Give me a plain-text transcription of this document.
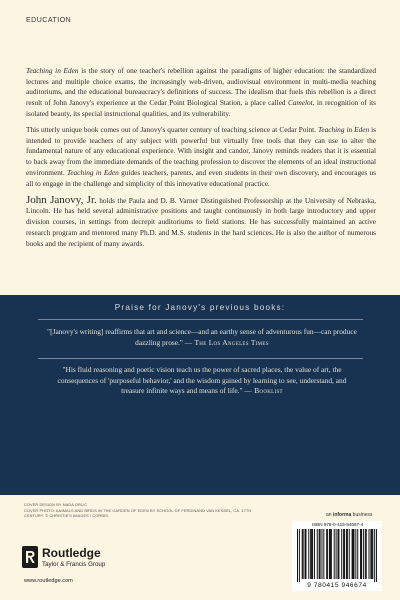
EDUCATION

Teaching in Eden is the story of one teacher's rebellion against the paradigms of higher education: the standardized lectures and multiple choice exams, the increasingly web-driven, audiovisual environment in multi-media teaching auditoriums, and the educational bureaucracy's definitions of success. The idealism that fuels this rebellion is a direct result of John Janovy's experience at the Cedar Point Biological Station, a place called Camelot, in recognition of its isolated beauty, its special instructional qualities, and its vulnerability.

This utterly unique book comes out of Janovy's quarter century of teaching science at Cedar Point. Teaching in Eden is intended to provide teachers of any subject with powerful but virtually free tools that they can use to alter the fundamental nature of any educational experience. With insight and candor, Janovy reminds readers that it is essential to back away from the immediate demands of the teaching profession to discover the elements of an ideal instructional environment. Teaching in Eden guides teachers, parents, and even students in their own discovery, and encourages us all to engage in the challenge and simplicity of this innovative educational practice.

John Janovy, Jr. holds the Paula and D. B. Varner Distinguished Professorship at the University of Nebraska, Lincoln. He has held several administrative positions and taught continuously in both large introductory and upper division courses, in settings from decrepit auditoriums to field stations. He has successfully maintained an active research program and mentored many Ph.D. and M.S. students in the hard sciences. He is also the author of numerous books and the recipient of many awards.

Praise for Janovy's previous books:
"[Janovy's writing] reaffirms that art and science—and an earthy sense of adventurous fun—can produce dazzling prose." — The Los Angeles Times
"His fluid reasoning and poetic vision teach us the power of sacred places, the value of art, the consequences of 'purposeful behavior,' and the wisdom gained by learning to see, understand, and treasure infinite ways and means of life." — Booklist
COVER DESIGN BY NADA ORLIC
COVER PHOTO: ANIMALS AND BIRDS IN THE GARDEN OF EDEN BY SCHOOL OF FERDINAND VAN KESSEL, CA. 17TH CENTURY. © CHRISTIE'S IMAGES / CORBIS.	an informa business
ISBN 978-0-415-94667-4
9 780415 946674
Routledge
Taylor & Francis Group
www.routledge.com
